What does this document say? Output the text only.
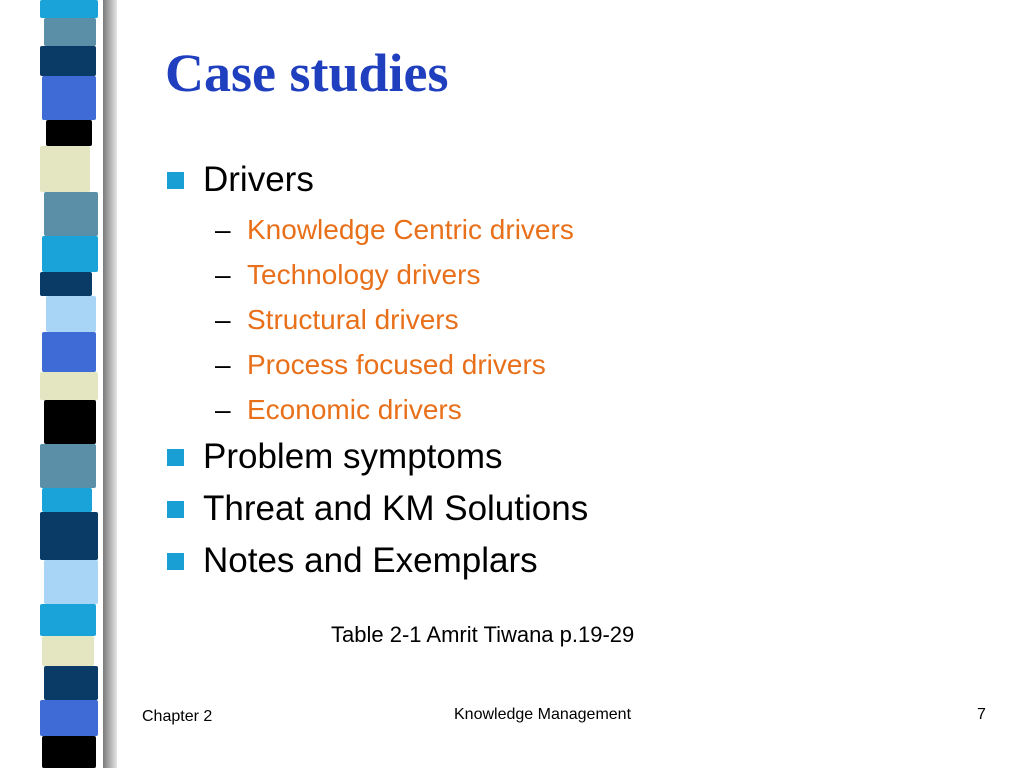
Case studies
Drivers
– Knowledge Centric drivers
– Technology drivers
– Structural drivers
– Process focused drivers
– Economic drivers
Problem symptoms
Threat and KM Solutions
Notes and Exemplars
Table 2-1 Amrit Tiwana p.19-29
Chapter 2	Knowledge Management	7
